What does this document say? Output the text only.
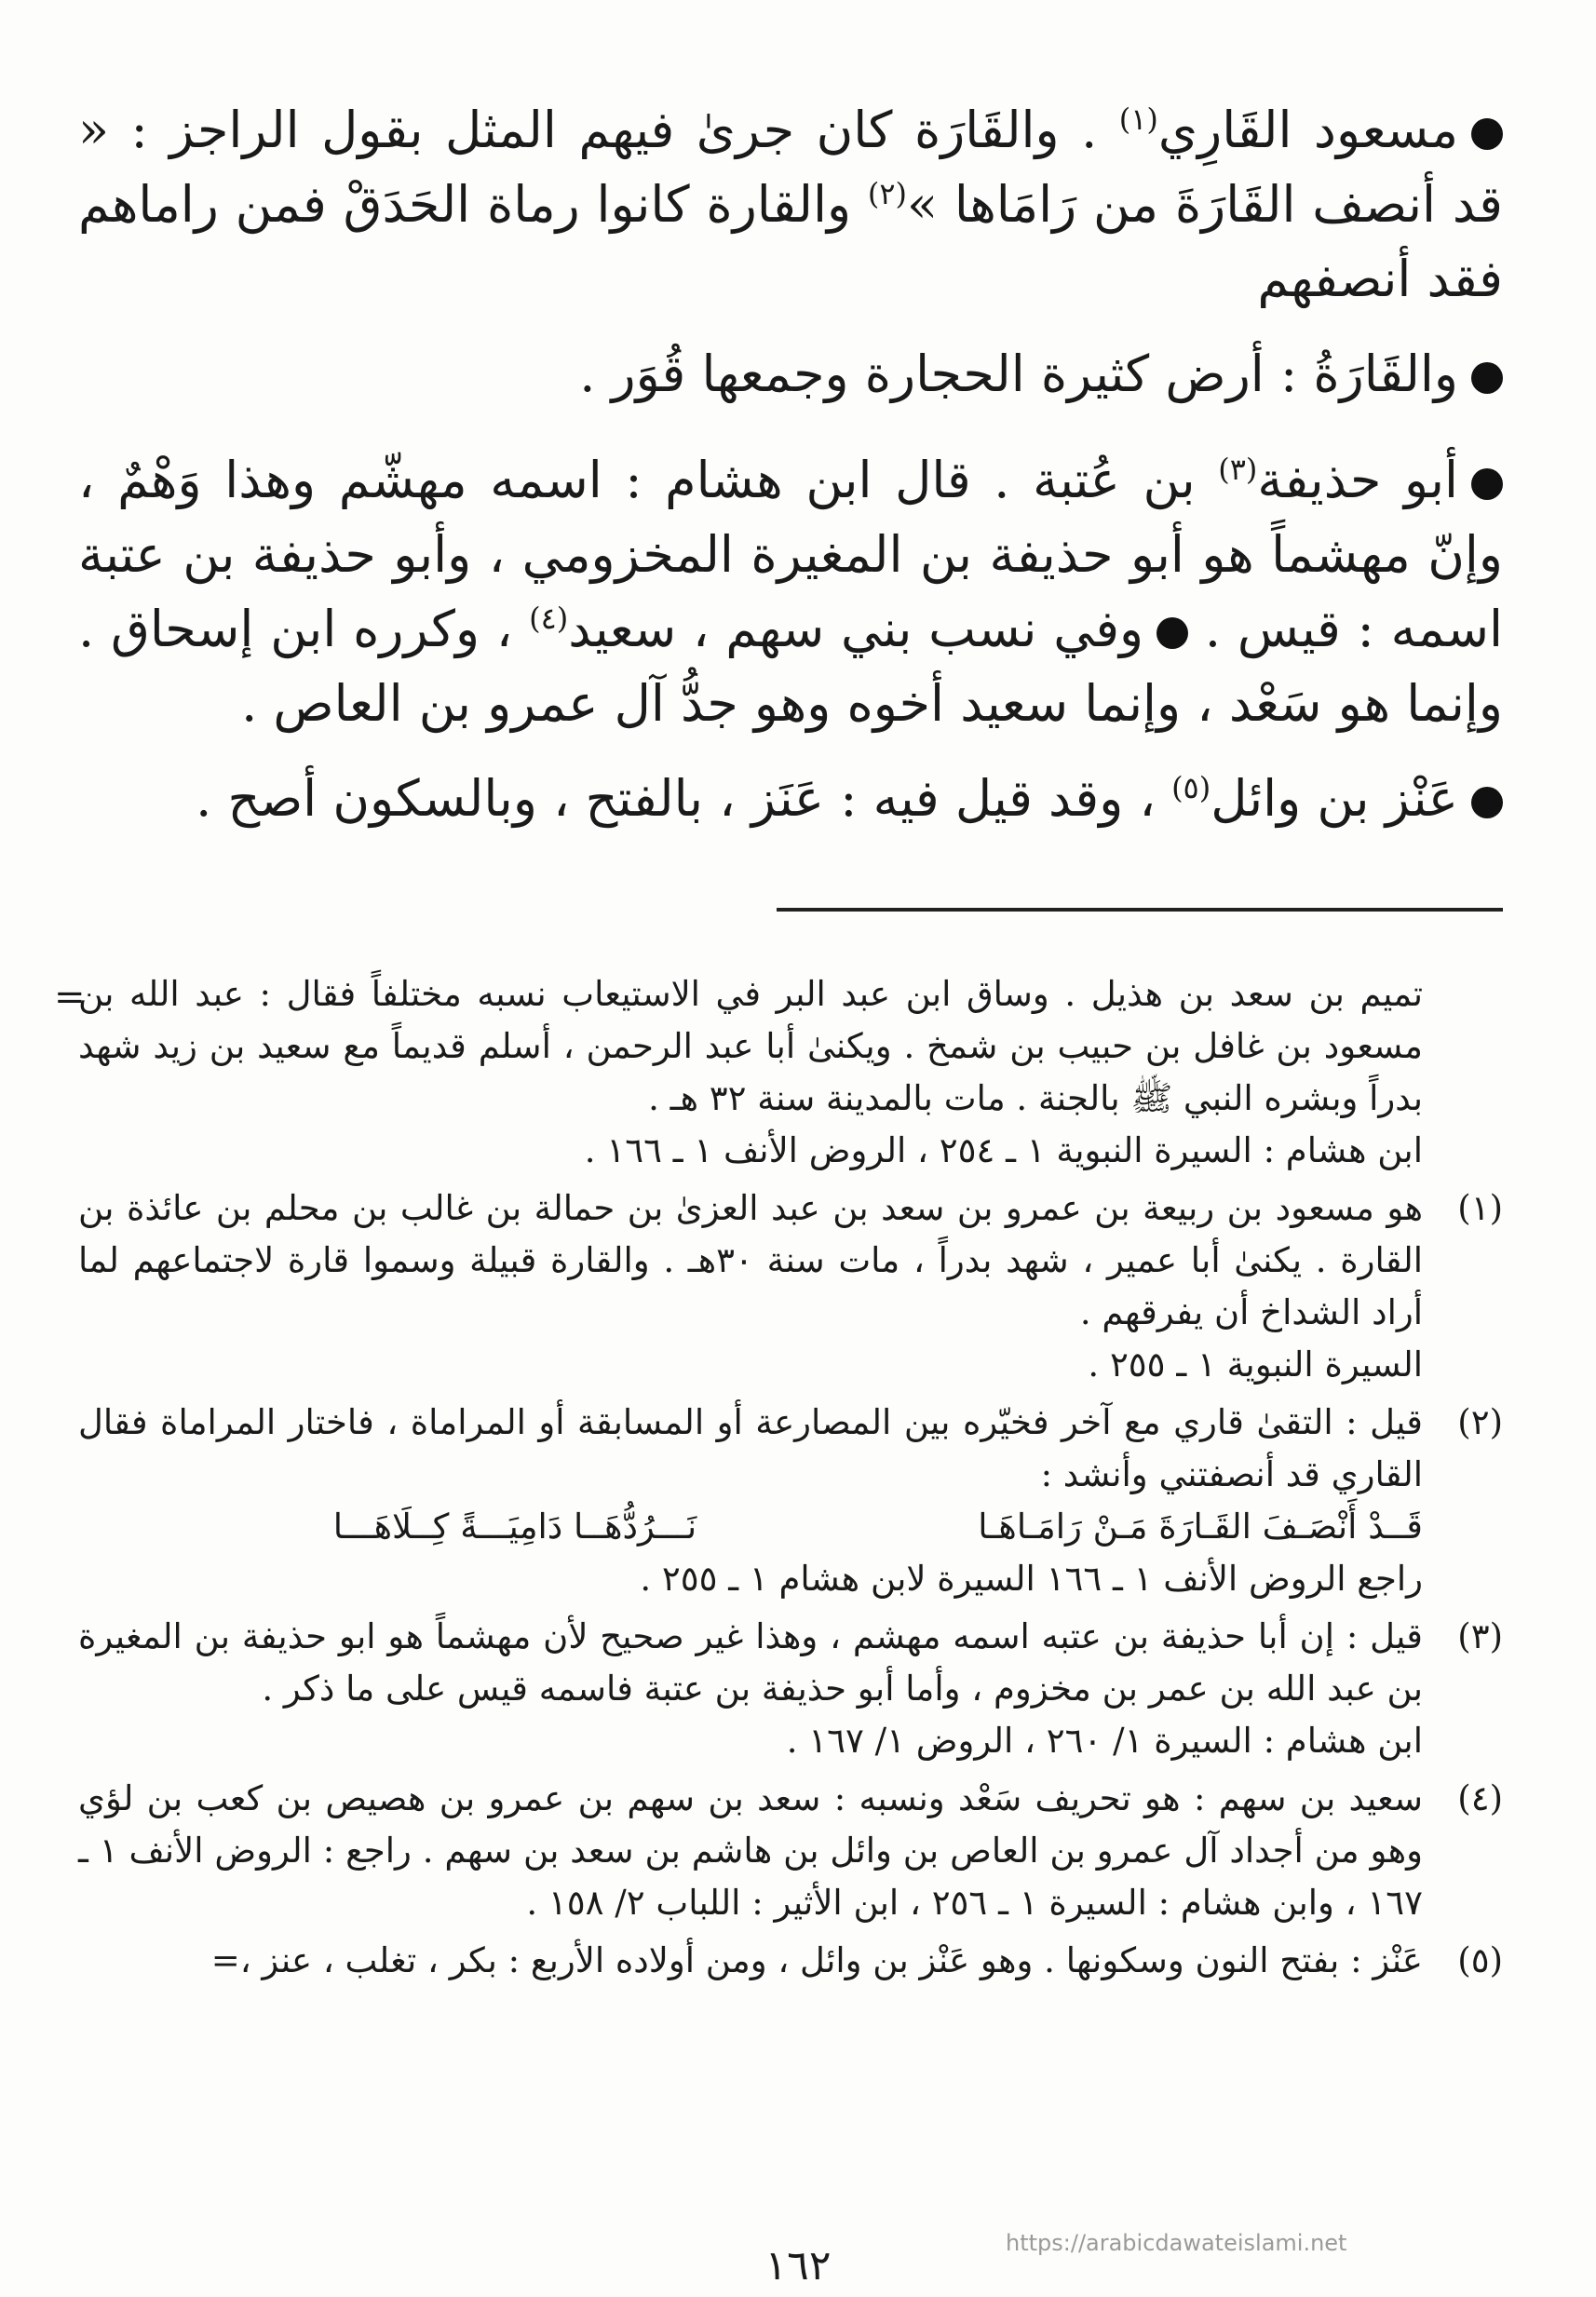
مسعود القَارِي$^{(١)}$ . والقَارَة كان جرىٰ فيهم المثل بقول الراجز : « قد أنصف القَارَةَ من رَامَاها »$^{(٢)}$ والقارة كانوا رماة الحَدَقْ فمن راماهم فقد أنصفهم

والقَارَةُ : أرض كثيرة الحجارة وجمعها قُوَر .

أبو حذيفة$^{(٣)}$ بن عُتبة . قال ابن هشام : اسمه مهشّم وهذا وَهْمٌ ، وإنّ مهشماً هو أبو حذيفة بن المغيرة المخزومي ، وأبو حذيفة بن عتبة اسمه : قيس . وفي نسب بني سهم ، سعيد$^{(٤)}$ ، وكرره ابن إسحاق . وإنما هو سَعْد ، وإنما سعيد أخوه وهو جدُّ آل عمرو بن العاص .

عَنْز بن وائل$^{(٥)}$ ، وقد قيل فيه : عَنَز ، بالفتح ، وبالسكون أصح .

=
تميم بن سعد بن هذيل . وساق ابن عبد البر في الاستيعاب نسبه مختلفاً فقال : عبد الله بن مسعود بن غافل بن حبيب بن شمخ . ويكنىٰ أبا عبد الرحمن ، أسلم قديماً مع سعيد بن زيد شهد بدراً وبشره النبي ﷺ بالجنة . مات بالمدينة سنة ٣٢ هـ .
ابن هشام : السيرة النبوية ١ ـ ٢٥٤ ، الروض الأنف ١ ـ ١٦٦ .
(١)
هو مسعود بن ربيعة بن عمرو بن سعد بن عبد العزىٰ بن حمالة بن غالب بن محلم بن عائذة بن القارة . يكنىٰ أبا عمير ، شهد بدراً ، مات سنة ٣٠هـ . والقارة قبيلة وسموا قارة لاجتماعهم لما أراد الشداخ أن يفرقهم .
السيرة النبوية ١ ـ ٢٥٥ .
(٢)
قيل : التقىٰ قاري مع آخر فخيّره بين المصارعة أو المسابقة أو المراماة ، فاختار المراماة فقال القاري قد أنصفتني وأنشد :
قَــدْ أَنْصَـفَ القَـارَةَ مَـنْ رَامَـاهَـا
نَـــرُدُّهَــا دَامِيَـــةً كِــلَاهَـــا
راجع الروض الأنف ١ ـ ١٦٦ السيرة لابن هشام ١ ـ ٢٥٥ .
(٣)
قيل : إن أبا حذيفة بن عتبه اسمه مهشم ، وهذا غير صحيح لأن مهشماً هو ابو حذيفة بن المغيرة بن عبد الله بن عمر بن مخزوم ، وأما أبو حذيفة بن عتبة فاسمه قيس على ما ذكر .
ابن هشام : السيرة ١/ ٢٦٠ ، الروض ١/ ١٦٧ .
(٤)
سعيد بن سهم : هو تحريف سَعْد ونسبه : سعد بن سهم بن عمرو بن هصيص بن كعب بن لؤي وهو من أجداد آل عمرو بن العاص بن وائل بن هاشم بن سعد بن سهم . راجع : الروض الأنف ١ ـ ١٦٧ ، وابن هشام : السيرة ١ ـ ٢٥٦ ، ابن الأثير : اللباب ٢/ ١٥٨ .
(٥)
عَنْز : بفتح النون وسكونها . وهو عَنْز بن وائل ، ومن أولاده الأربع : بكر ، تغلب ، عنز ،=
https://arabicdawateislami.net
١٦٢
